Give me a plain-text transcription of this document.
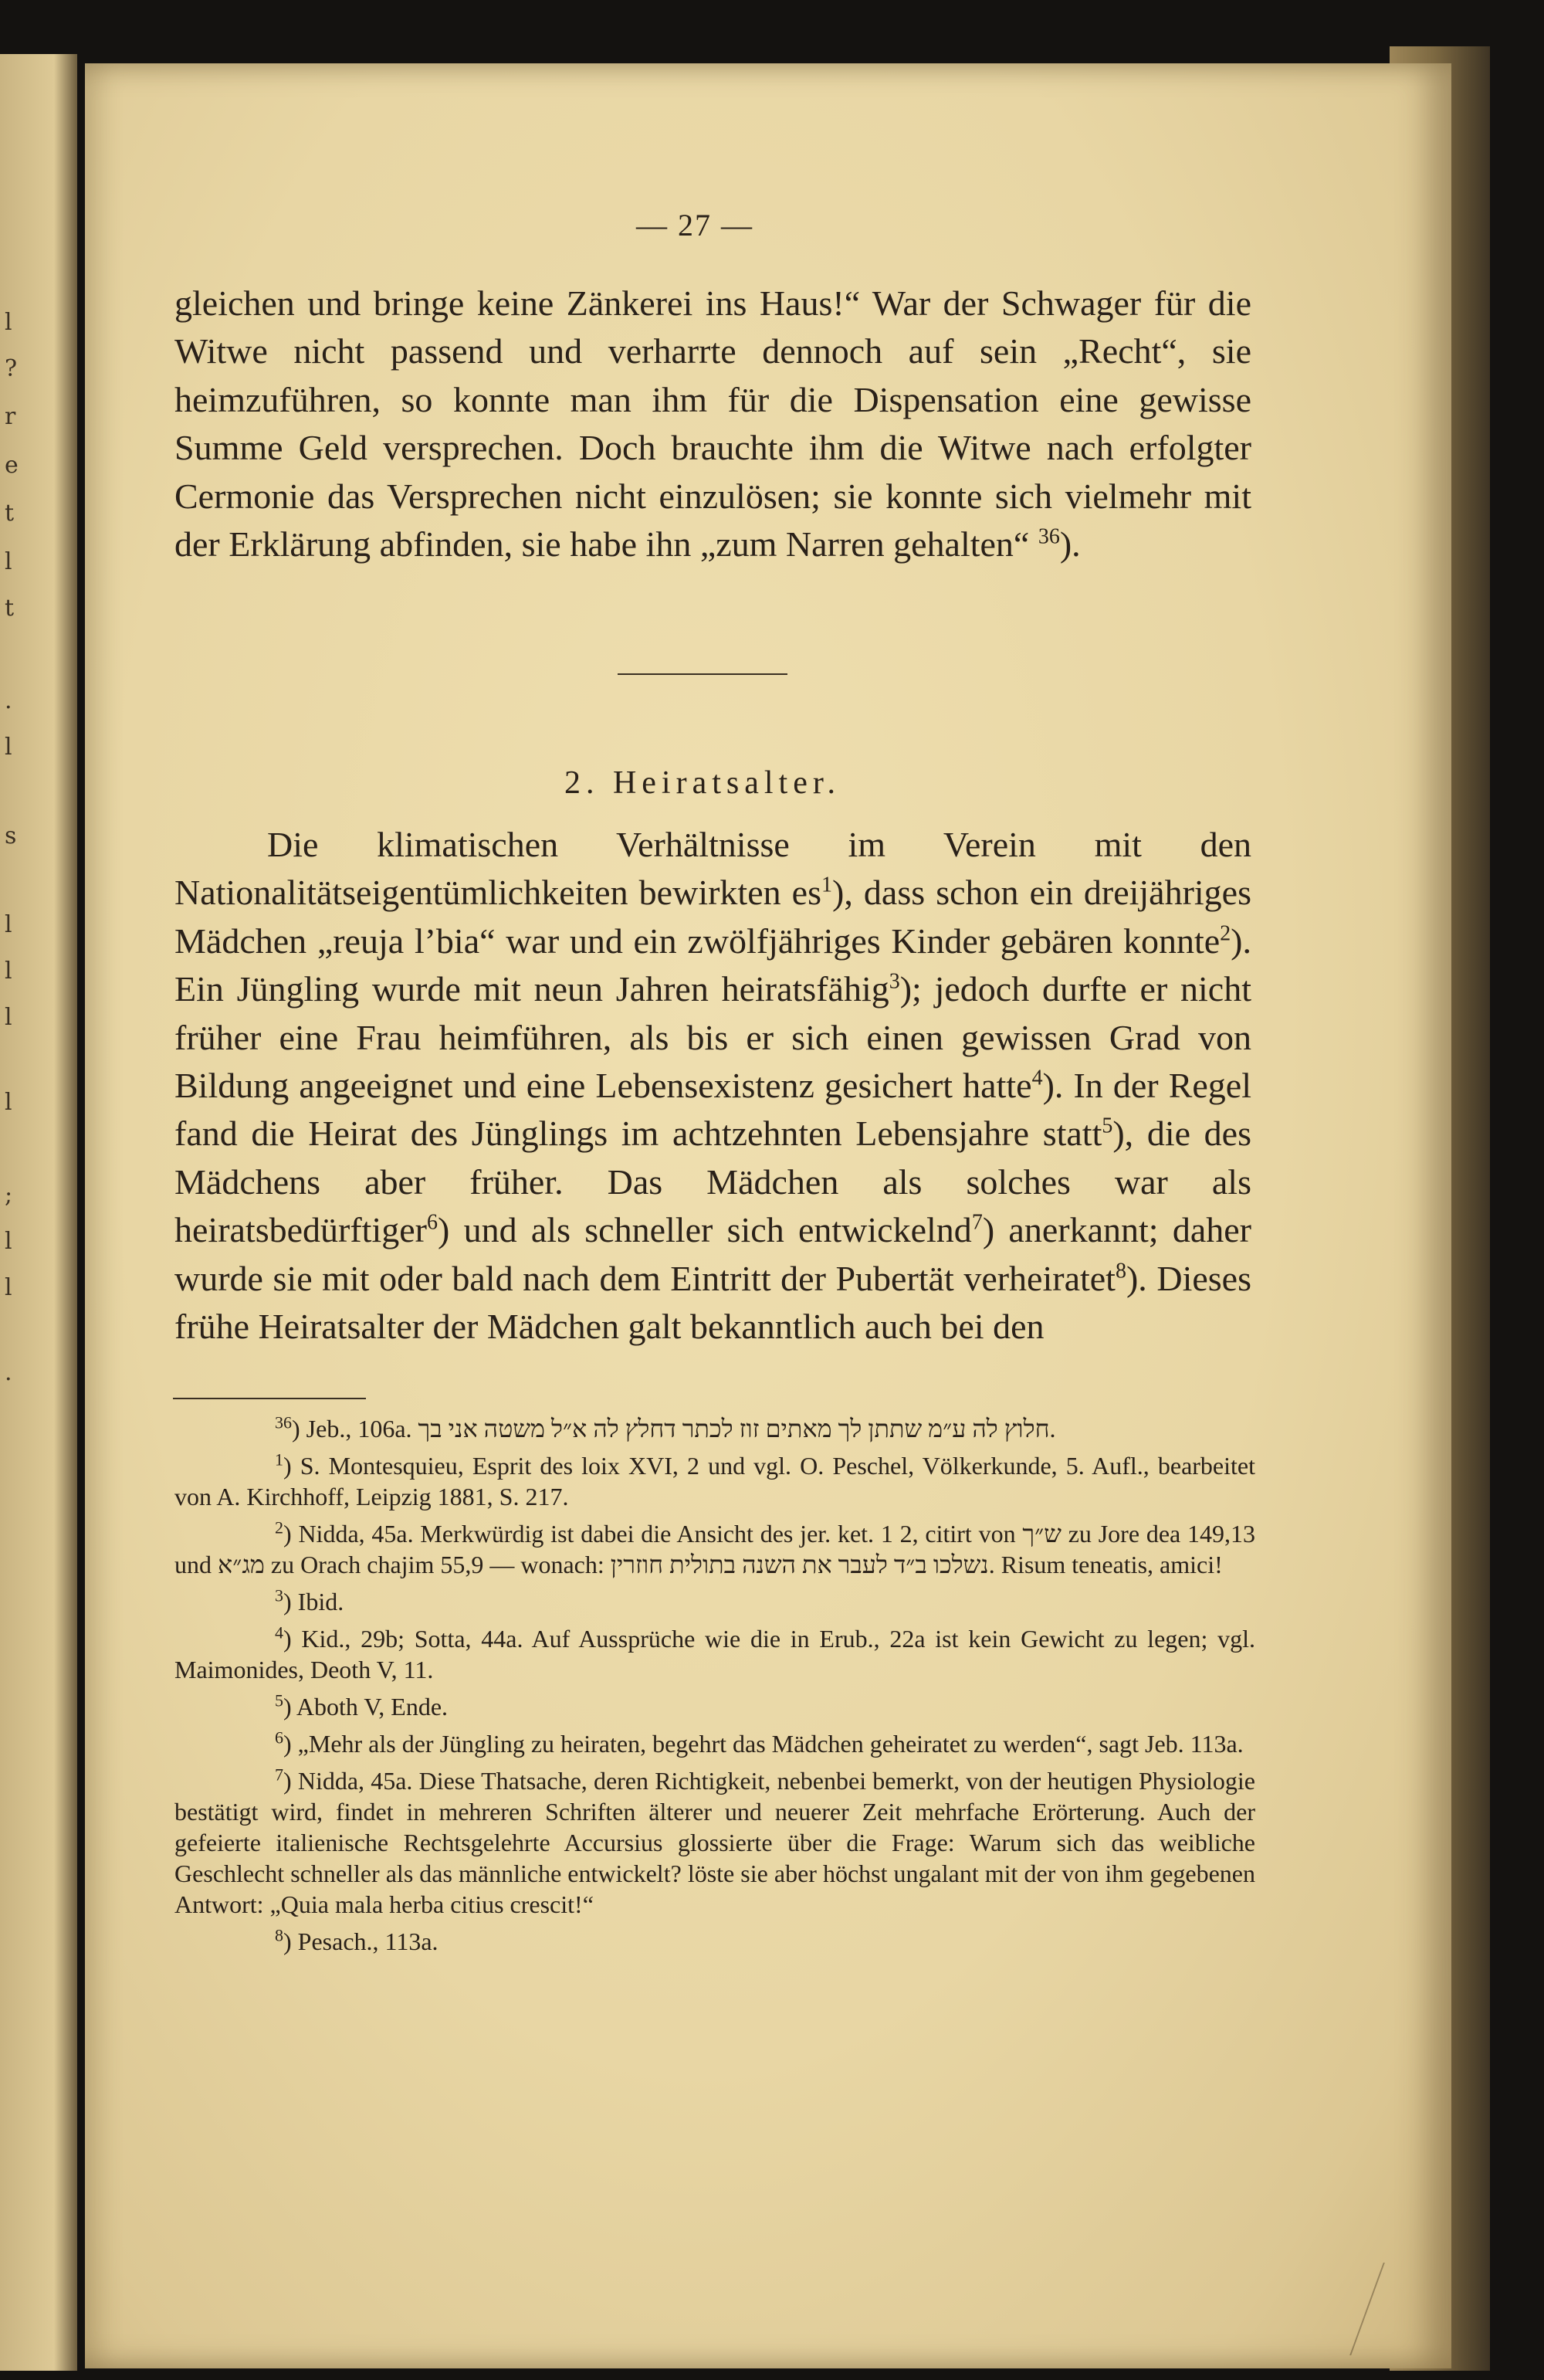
l
?
r
e
t
l
t
.
l
s
l
l
l
l
;
l
l
.
— 27 —

gleichen und bringe keine Zänkerei ins Haus!“ War der Schwager für die Witwe nicht passend und verharrte dennoch auf sein „Recht“, sie heimzuführen, so konnte man ihm für die Dispensation eine gewisse Summe Geld versprechen. Doch brauchte ihm die Witwe nach erfolgter Cermonie das Versprechen nicht einzulösen; sie konnte sich vielmehr mit der Erklärung abfinden, sie habe ihn „zum Narren gehalten“ $^{36}$).

2. Heiratsalter.

Die klimatischen Verhältnisse im Verein mit den Nationalitätseigentümlichkeiten bewirkten $es^1$), dass schon ein dreijähriges Mädchen „reuja l’bia“ war und ein zwölfjähriges Kinder gebären konnte$^2$). Ein Jüngling wurde mit neun Jahren heiratsfähig$^3$); jedoch durfte er nicht früher eine Frau heimführen, als bis er sich einen gewissen Grad von Bildung angeeignet und eine Lebensexistenz gesichert hatte$^4$). In der Regel fand die Heirat des Jünglings im achtzehnten Lebensjahre statt$^5$), die des Mädchens aber früher. Das Mädchen als solches war als heiratsbedürftiger$^6$) und als schneller sich entwickelnd$^7$) anerkannt; daher wurde sie mit oder bald nach dem Eintritt der Pubertät verheiratet$^8$). Dieses frühe Heiratsalter der Mädchen galt bekanntlich auch bei den

$^{36}$) Jeb., 106a. חלוץ לה ע״מ שתתן לך מאתים זוז לכתר דחלץ לה א״ל משטה אני בך.

$^1$) S. Montesquieu, Esprit des loix XVI, 2 und vgl. O. Peschel, Völkerkunde, 5. Aufl., bearbeitet von A. Kirchhoff, Leipzig 1881, S. 217.

$^2$) Nidda, 45a. Merkwürdig ist dabei die Ansicht des jer. ket. 1 2, citirt von ש״ך zu Jore dea 149,13 und מג״א zu Orach chajim 55,9 — wonach: נשלכו ב״ד לעבר את השנה בתולית חוזרין. Risum teneatis, amici!

$^3$) Ibid.

$^4$) Kid., 29b; Sotta, 44a. Auf Aussprüche wie die in Erub., 22a ist kein Gewicht zu legen; vgl. Maimonides, Deoth V, 11.

$^5$) Aboth V, Ende.

$^6$) „Mehr als der Jüngling zu heiraten, begehrt das Mädchen geheiratet zu werden“, sagt Jeb. 113a.

$^7$) Nidda, 45a. Diese Thatsache, deren Richtigkeit, nebenbei bemerkt, von der heutigen Physiologie bestätigt wird, findet in mehreren Schriften älterer und neuerer Zeit mehrfache Erörterung. Auch der gefeierte italienische Rechtsgelehrte Accursius glossierte über die Frage: Warum sich das weibliche Geschlecht schneller als das männliche entwickelt? löste sie aber höchst ungalant mit der von ihm gegebenen Antwort: „Quia mala herba citius crescit!“

$^8$) Pesach., 113a.
